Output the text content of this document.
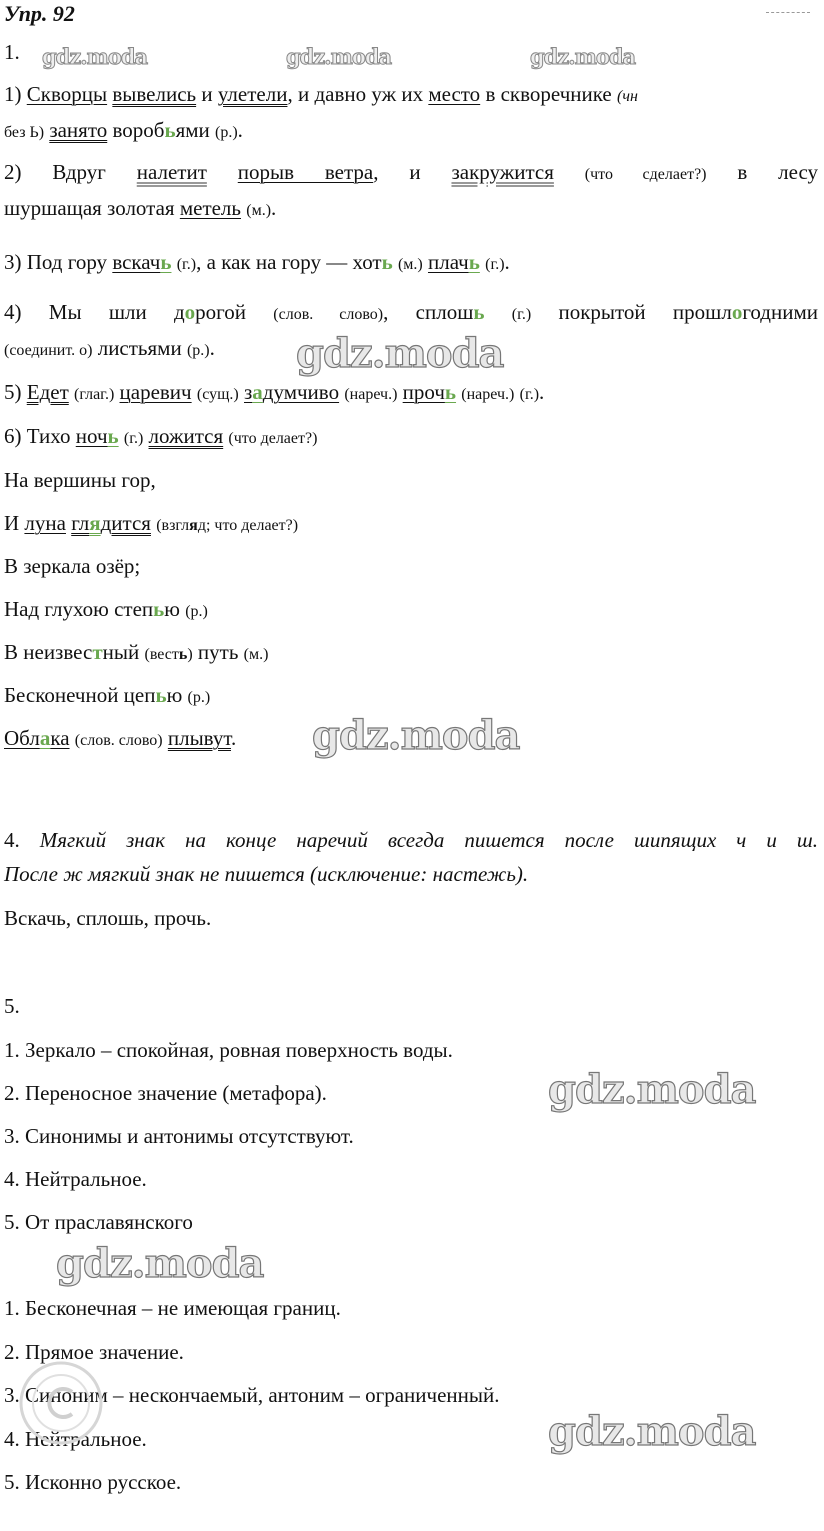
Упр. 92
1.	gdz.moda	gdz.moda	gdz.moda
1) Скворцы вывелись и улетели, и давно уж их место в скворечнике (чн
без Ь) занято воробьями (р.).
2) Вдруг налетит порыв ветра, и закружится (что сделает?) в лесу
шуршащая золотая метель (м.).
3) Под гору вскачь (г.), а как на гору — хоть (м.) плачь (г.).
4) Мы шли дорогой (слов. слово), сплошь (г.) покрытой прошлогодними
(соединит. о) листьями (р.).	gdz.moda
5) Едет (глаг.) царевич (сущ.) задумчиво (нареч.) прочь (нареч.) (г.).
6) Тихо ночь (г.) ложится (что делает?)
На вершины гор,
И луна глядится (взгляд; что делает?)
В зеркала озёр;
Над глухою степью (р.)
В неизвестный (весть) путь (м.)
Бесконечной цепью (р.)
Облака (слов. слово) плывут.	gdz.moda
4. Мягкий знак на конце наречий всегда пишется после шипящих ч и ш.
После ж мягкий знак не пишется (исключение: настежь).
Вскачь, сплошь, прочь.
5.
1. Зеркало – спокойная, ровная поверхность воды.
2. Переносное значение (метафора).	gdz.moda
3. Синонимы и антонимы отсутствуют.
4. Нейтральное.
5. От праславянского
gdz.moda
1. Бесконечная – не имеющая границ.
2. Прямое значение.
3. Синоним – нескончаемый, антоним – ограниченный.
4. Нейтральное.	gdz.moda
5. Исконно русское.
